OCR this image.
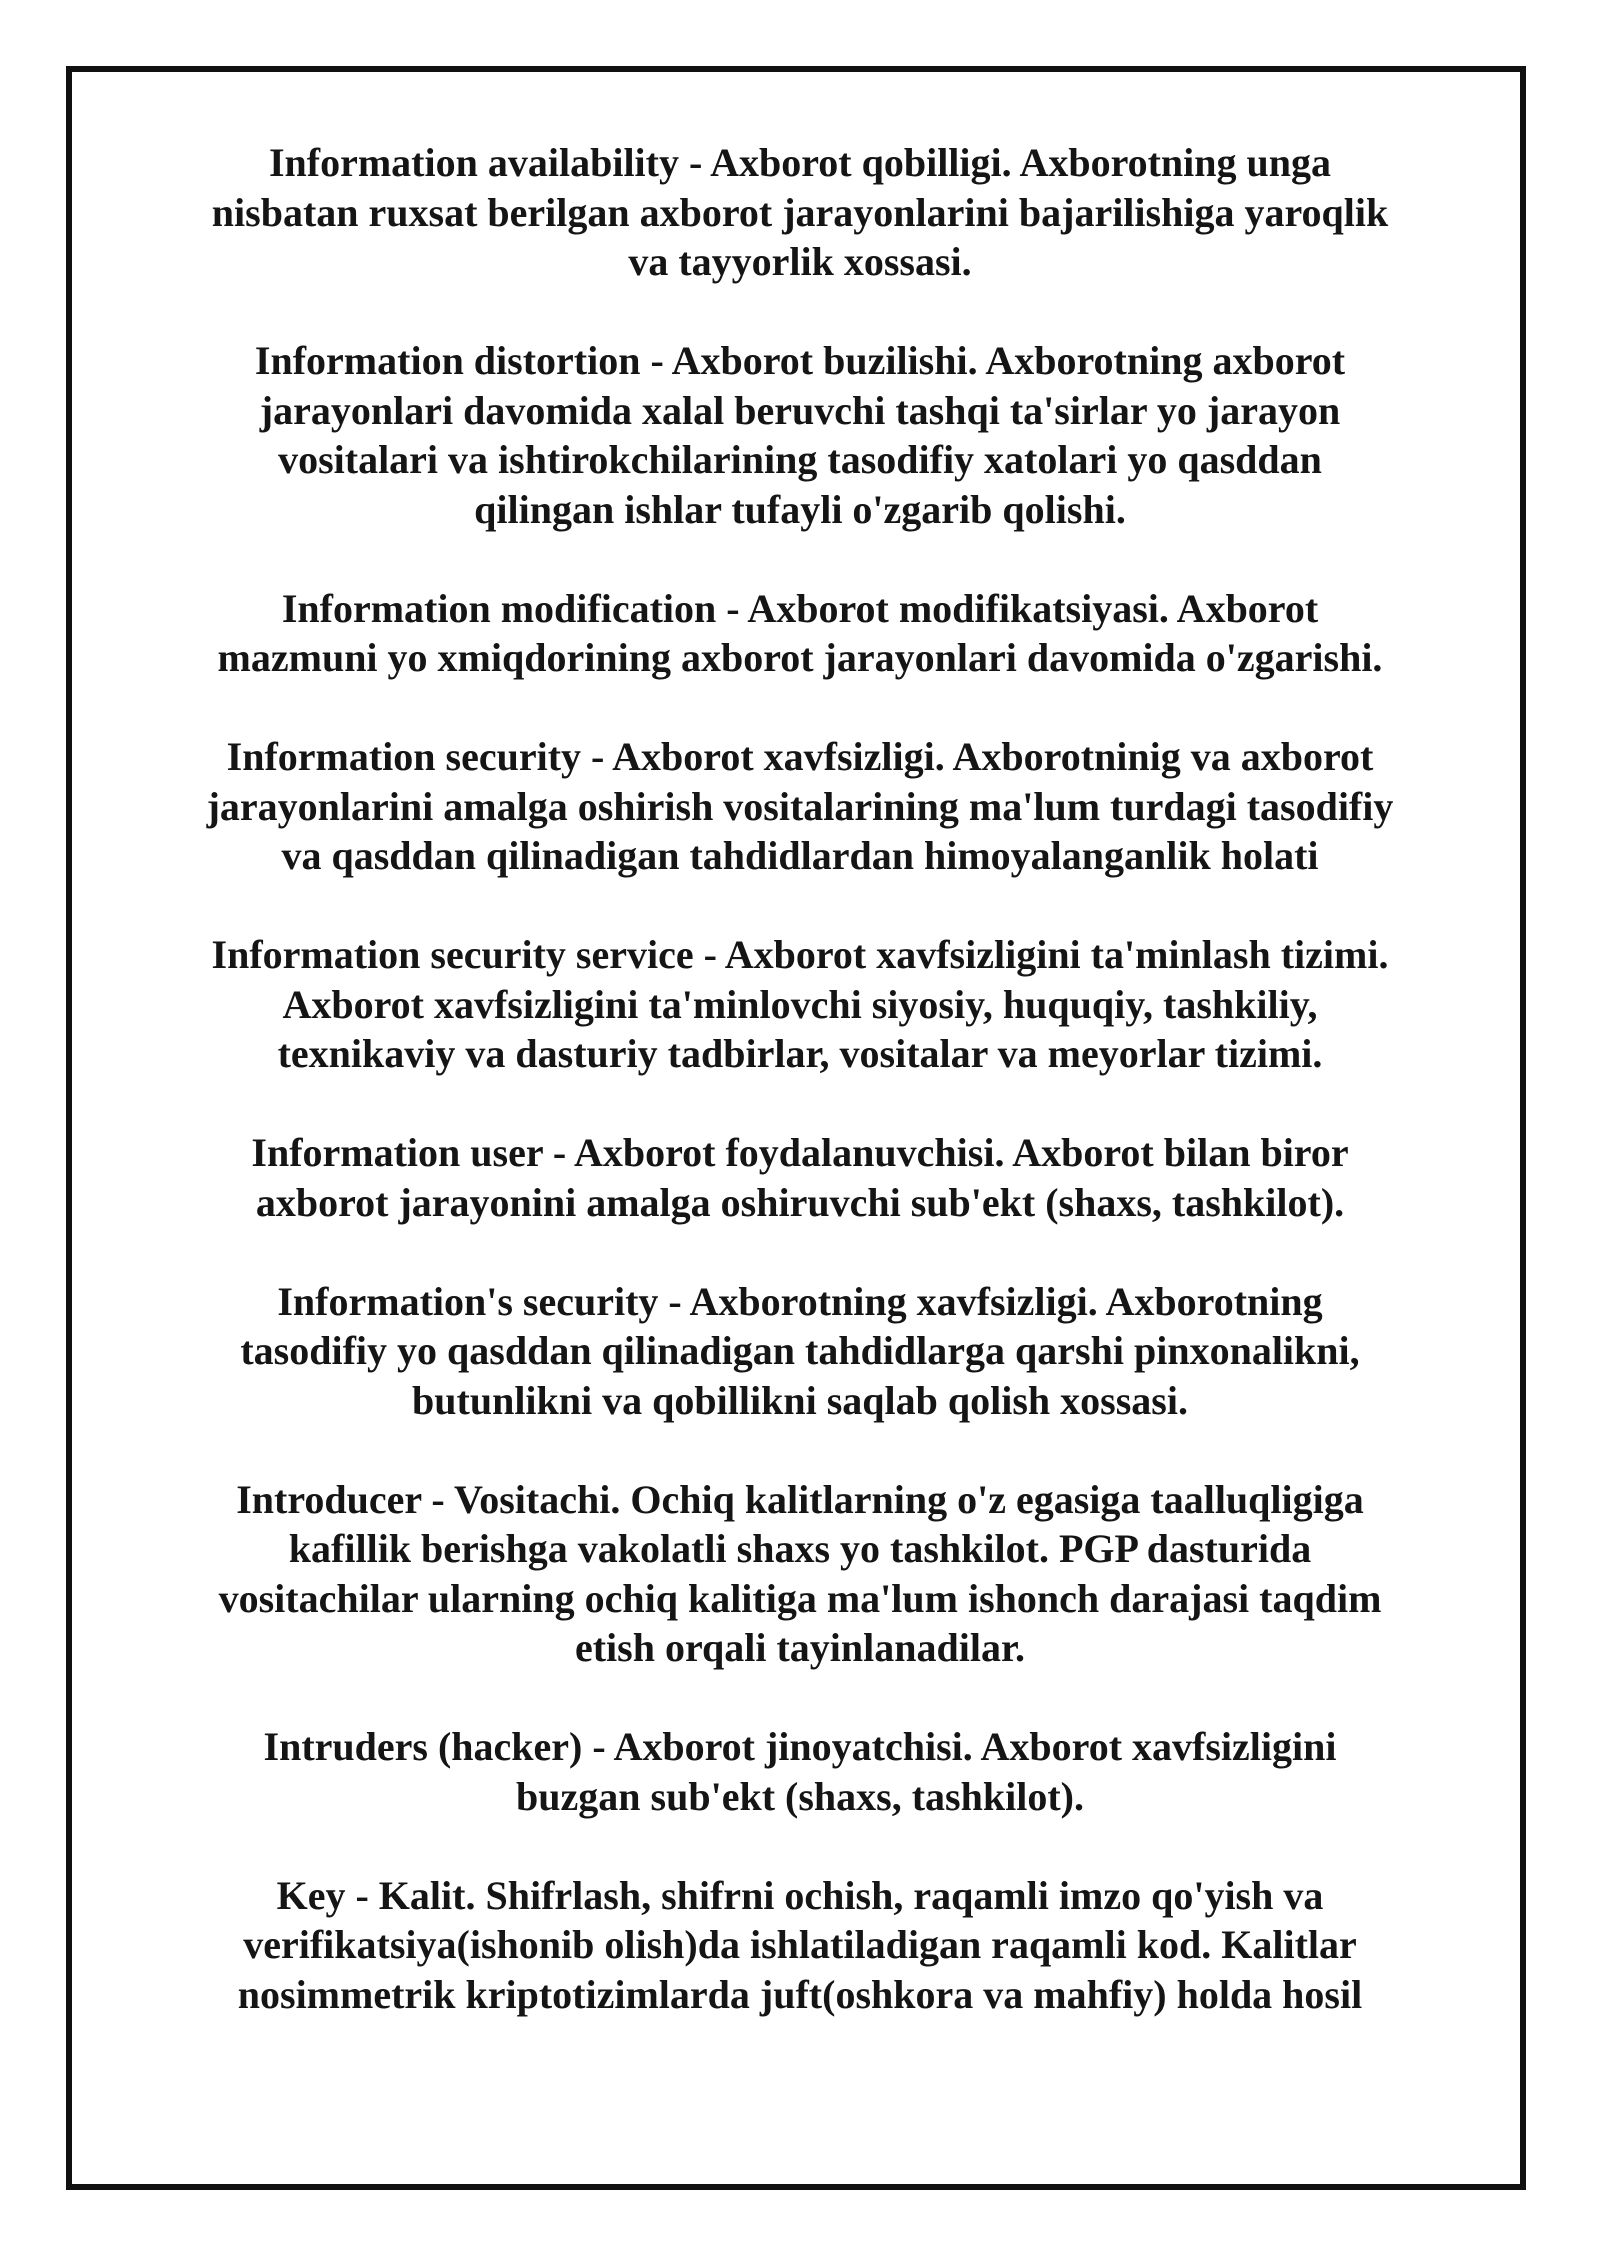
Information availability - Axborot qobilligi. Axborotning unga
nisbatan ruxsat berilgan axborot jarayonlarini bajarilishiga yaroqlik
va tayyorlik xossasi.

Information distortion - Axborot buzilishi. Axborotning axborot
jarayonlari davomida xalal beruvchi tashqi ta'sirlar yo jarayon
vositalari va ishtirokchilarining tasodifiy xatolari yo qasddan
qilingan ishlar tufayli o'zgarib qolishi.

Information modification - Axborot modifikatsiyasi. Axborot
mazmuni yo xmiqdorining axborot jarayonlari davomida o'zgarishi.

Information security - Axborot xavfsizligi. Axborotninig va axborot
jarayonlarini amalga oshirish vositalarining ma'lum turdagi tasodifiy
va qasddan qilinadigan tahdidlardan himoyalanganlik holati

Information security service - Axborot xavfsizligini ta'minlash tizimi.
Axborot xavfsizligini ta'minlovchi siyosiy, huquqiy, tashkiliy,
texnikaviy va dasturiy tadbirlar, vositalar va meyorlar tizimi.

Information user - Axborot foydalanuvchisi. Axborot bilan biror
axborot jarayonini amalga oshiruvchi sub'ekt (shaxs, tashkilot).

Information's security - Axborotning xavfsizligi. Axborotning
tasodifiy yo qasddan qilinadigan tahdidlarga qarshi pinxonalikni,
butunlikni va qobillikni saqlab qolish xossasi.

Introducer - Vositachi. Ochiq kalitlarning o'z egasiga taalluqligiga
kafillik berishga vakolatli shaxs yo tashkilot. PGP dasturida
vositachilar ularning ochiq kalitiga ma'lum ishonch darajasi taqdim
etish orqali tayinlanadilar.

Intruders (hacker) - Axborot jinoyatchisi. Axborot xavfsizligini
buzgan sub'ekt (shaxs, tashkilot).

Key - Kalit. Shifrlash, shifrni ochish, raqamli imzo qo'yish va
verifikatsiya(ishonib olish)da ishlatiladigan raqamli kod. Kalitlar
nosimmetrik kriptotizimlarda juft(oshkora va mahfiy) holda hosil
